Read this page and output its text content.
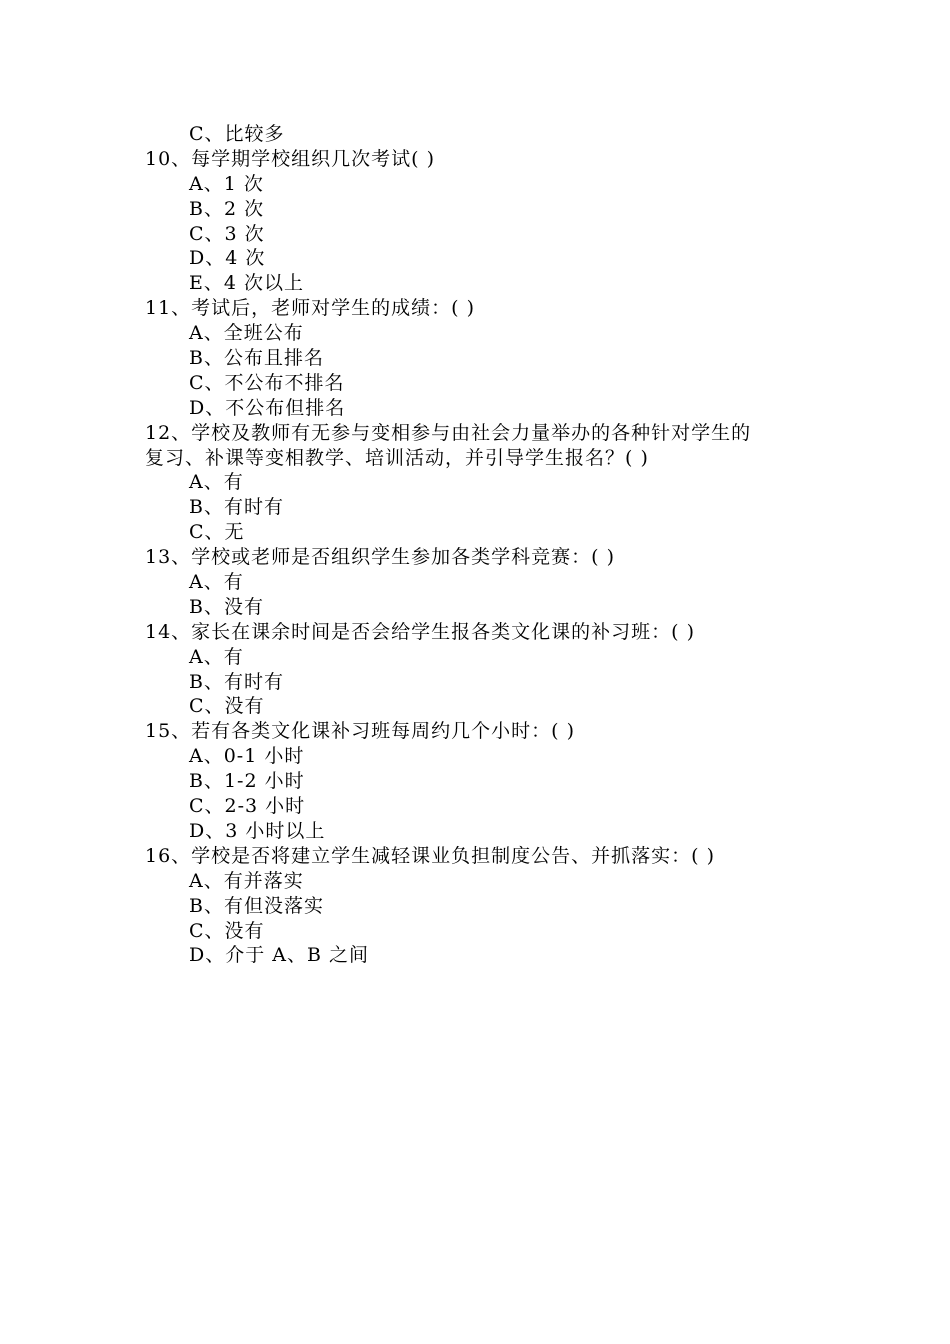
C、比较多
10、每学期学校组织几次考试( )
A、1 次
B、2 次
C、3 次
D、4 次
E、4 次以上
11、考试后，老师对学生的成绩：( )
A、全班公布
B、公布且排名
C、不公布不排名
D、不公布但排名
12、学校及教师有无参与变相参与由社会力量举办的各种针对学生的
复习、补课等变相教学、培训活动，并引导学生报名？( )
A、有
B、有时有
C、无
13、学校或老师是否组织学生参加各类学科竞赛：( )
A、有
B、没有
14、家长在课余时间是否会给学生报各类文化课的补习班：( )
A、有
B、有时有
C、没有
15、若有各类文化课补习班每周约几个小时：( )
A、0-1 小时
B、1-2 小时
C、2-3 小时
D、3 小时以上
16、学校是否将建立学生减轻课业负担制度公告、并抓落实：( )
A、有并落实
B、有但没落实
C、没有
D、介于 A、B 之间
